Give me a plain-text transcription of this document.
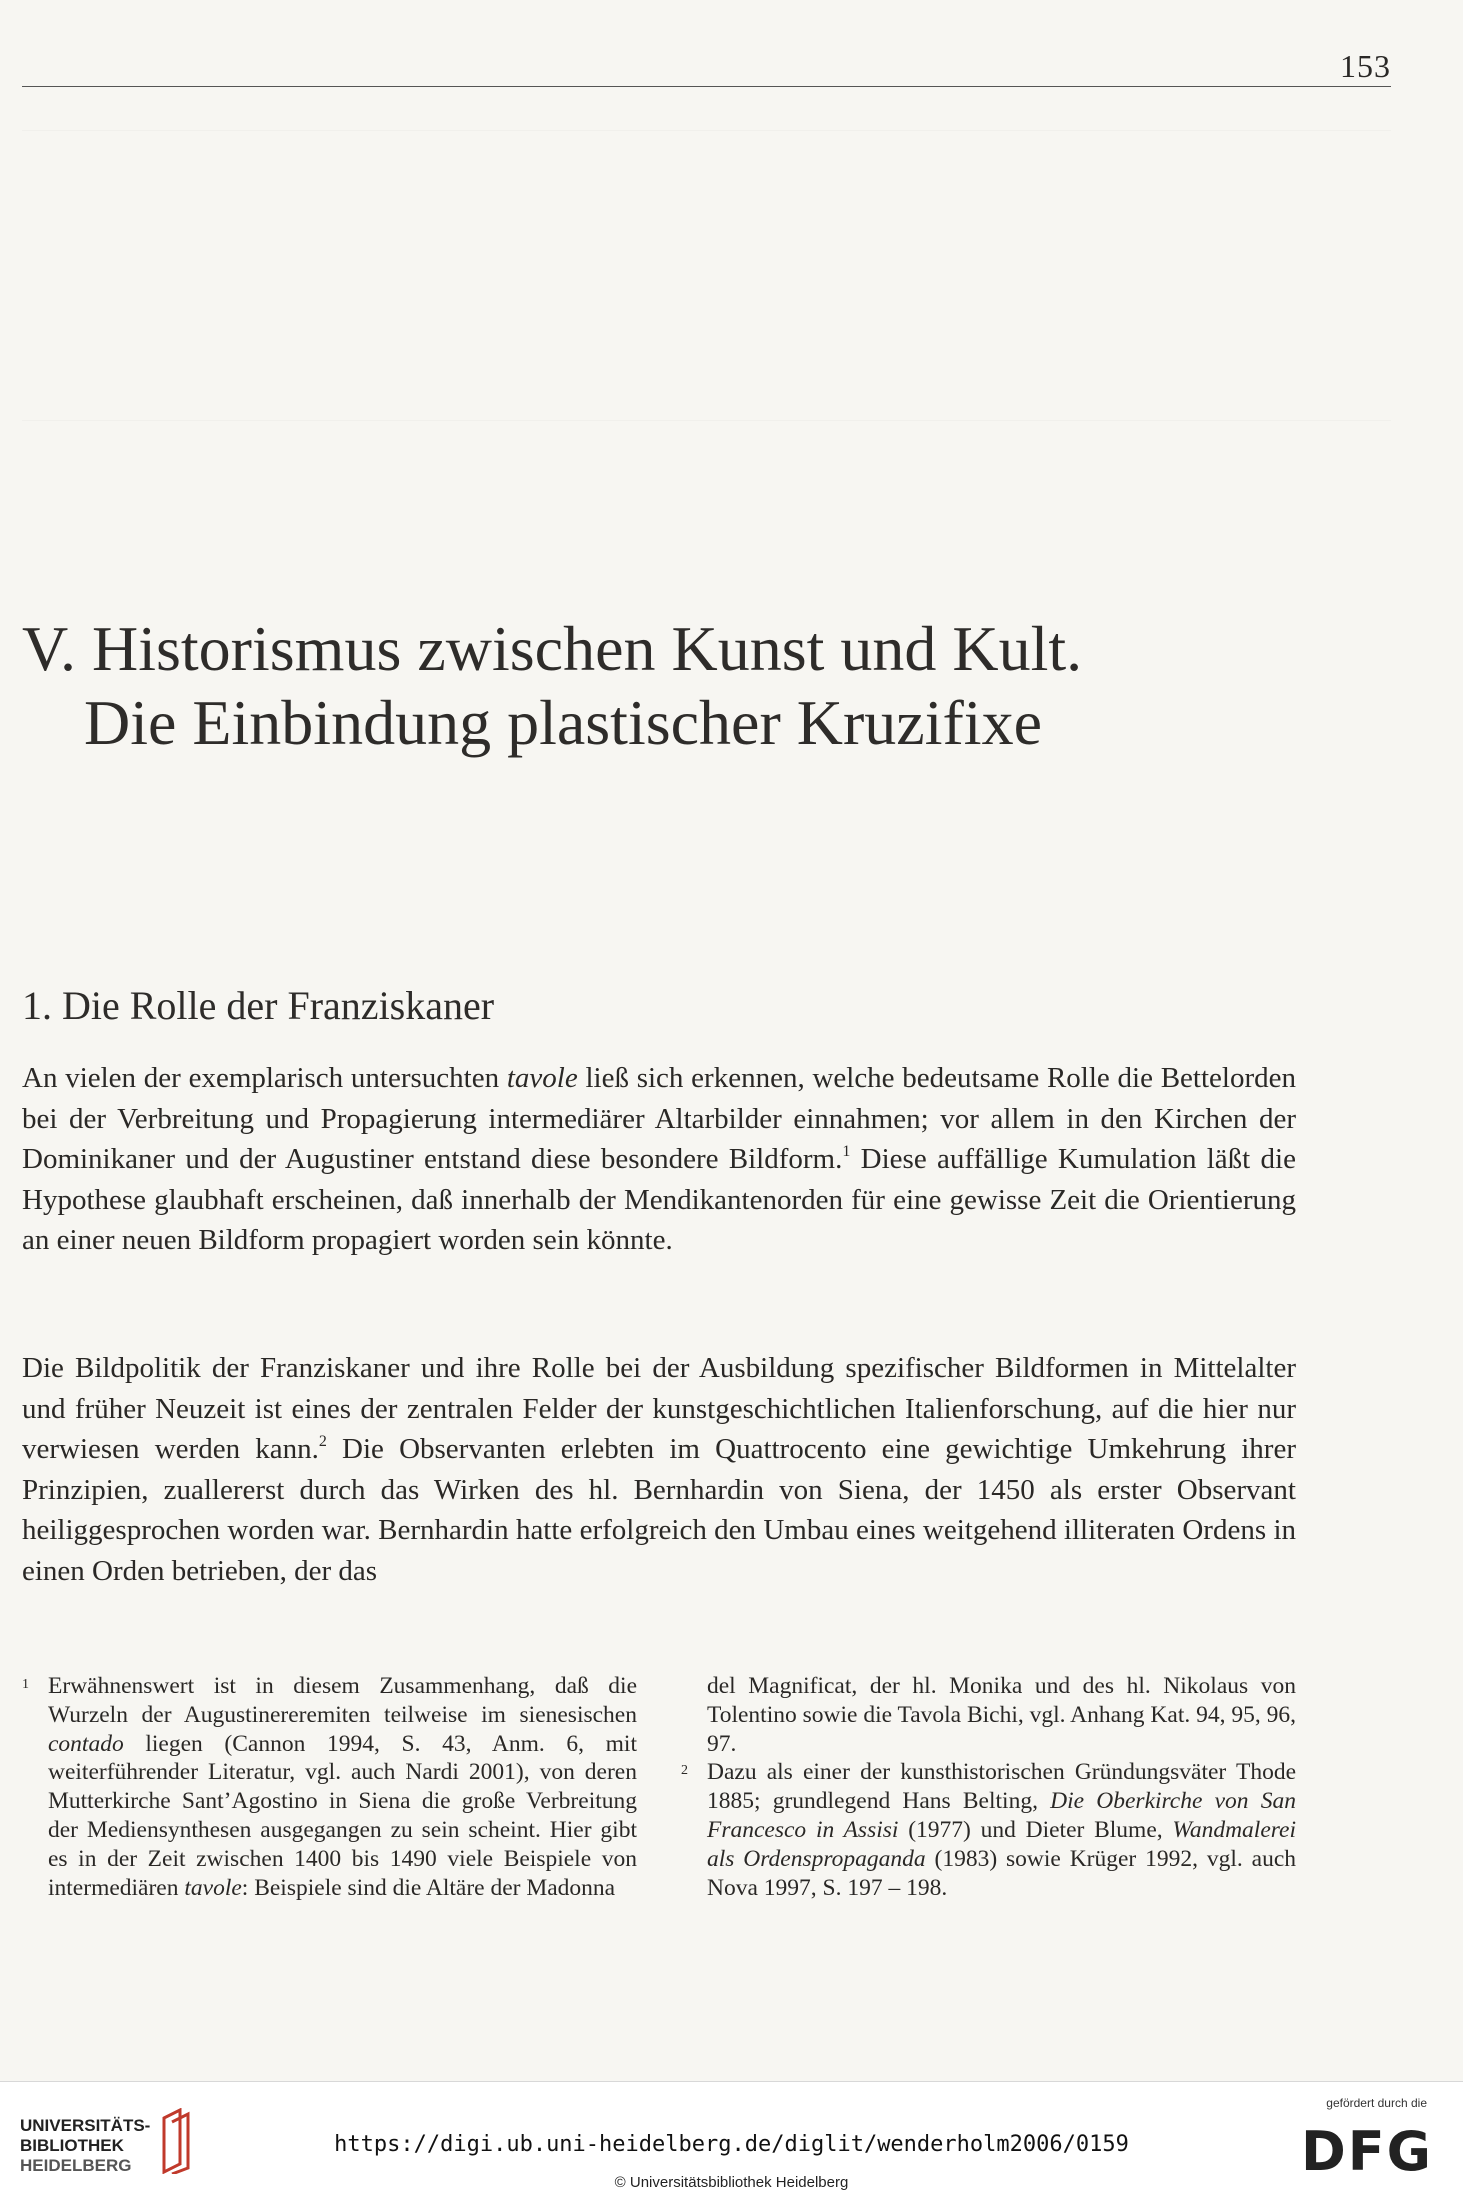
153
V. Historismus zwischen Kunst und Kult.
Die Einbindung plastischer Kruzifixe
1. Die Rolle der Franziskaner

An vielen der exemplarisch untersuchten tavole ließ sich erkennen, welche bedeutsame Rolle die Bettelorden bei der Verbreitung und Propagierung intermediärer Altarbilder einnahmen; vor allem in den Kirchen der Dominikaner und der Augustiner entstand diese besondere Bildform.$^1$ Diese auffällige Kumulation läßt die Hypothese glaubhaft erscheinen, daß innerhalb der Mendikantenorden für eine gewisse Zeit die Orientierung an einer neuen Bildform propagiert worden sein könnte.

Die Bildpolitik der Franziskaner und ihre Rolle bei der Ausbildung spezifischer Bildformen in Mittelalter und früher Neuzeit ist eines der zentralen Felder der kunstgeschichtlichen Italienforschung, auf die hier nur verwiesen werden kann.$^2$ Die Observanten erlebten im Quattrocento eine gewichtige Umkehrung ihrer Prinzipien, zuallererst durch das Wirken des hl. Bernhardin von Siena, der 1450 als erster Observant heiliggesprochen worden war. Bernhardin hatte erfolgreich den Umbau eines weitgehend illiteraten Ordens in einen Orden betrieben, der das

1 Erwähnenswert ist in diesem Zusammenhang, daß die Wurzeln der Augustinereremiten teilweise im sienesischen contado liegen (Cannon 1994, S. 43, Anm. 6, mit weiterführender Literatur, vgl. auch Nardi 2001), von deren Mutterkirche Sant’Agostino in Siena die große Verbreitung der Mediensynthesen ausgegangen zu sein scheint. Hier gibt es in der Zeit zwischen 1400 bis 1490 viele Beispiele von intermediären tavole: Beispiele sind die Altäre der Madonna

del Magnificat, der hl. Monika und des hl. Nikolaus von Tolentino sowie die Tavola Bichi, vgl. Anhang Kat. 94, 95, 96, 97.

2 Dazu als einer der kunsthistorischen Gründungsväter Thode 1885; grundlegend Hans Belting, Die Oberkirche von San Francesco in Assisi (1977) und Dieter Blume, Wandmalerei als Ordenspropaganda (1983) sowie Krüger 1992, vgl. auch Nova 1997, S. 197 – 198.

UNIVERSITÄTS-
BIBLIOTHEK
HEIDELBERG
https://digi.ub.uni-heidelberg.de/diglit/wenderholm2006/0159
© Universitätsbibliothek Heidelberg
gefördert durch die
DFG
